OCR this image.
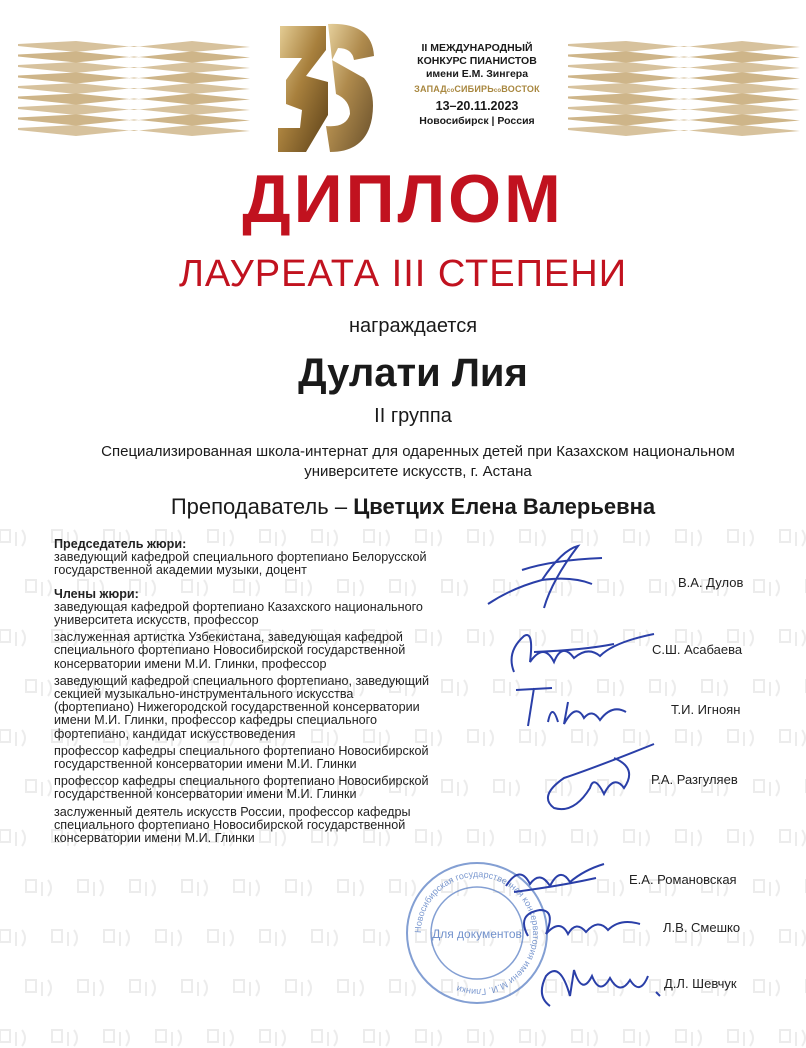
II МЕЖДУНАРОДНЫЙ
КОНКУРС ПИАНИСТОВ
имени Е.М. Зингера
ЗАПАДсоСИБИРЬсоВОСТОК
13–20.11.2023
Новосибирск | Россия
ДИПЛОМ
ЛАУРЕАТА III СТЕПЕНИ
награждается
Дулати Лия
II группа
Специализированная школа-интернат для одаренных детей при Казахском национальном университете искусств, г. Астана
Преподаватель – Цветцих Елена Валерьевна
Председатель жюри:
заведующий кафедрой специального фортепиано Белорусской государственной академии музыки, доцент
Члены жюри:
заведующая кафедрой фортепиано Казахского национального университета искусств, профессор
заслуженная артистка Узбекистана, заведующая кафедрой специального фортепиано Новосибирской государственной консерватории имени М.И. Глинки, профессор
заведующий кафедрой специального фортепиано, заведующий секцией музыкально-инструментального искусства (фортепиано) Нижегородской государственной консерватории имени М.И. Глинки, профессор кафедры специального фортепиано, кандидат искусствоведения
профессор кафедры специального фортепиано Новосибирской государственной консерватории имени М.И. Глинки
профессор кафедры специального фортепиано Новосибирской государственной консерватории имени М.И. Глинки
заслуженный деятель искусств России, профессор кафедры специального фортепиано Новосибирской государственной консерватории имени М.И. Глинки
Новосибирская государственная консерватория имени М.И. Глинки
Для документов
В.А. Дулов
С.Ш. Асабаева
Т.И. Игноян
Р.А. Разгуляев
Е.А. Романовская
Л.В. Смешко
Д.Л. Шевчук
